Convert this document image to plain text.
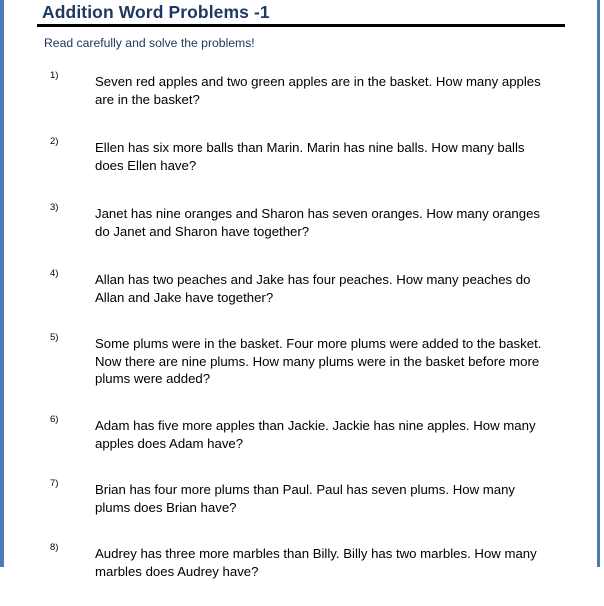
Addition Word Problems -1

Read carefully and solve the problems!

1)	Seven red apples and two green apples are in the basket. How many apples are in the basket?

2)	Ellen has six more balls than Marin. Marin has nine balls. How many balls does Ellen have?

3)	Janet has nine oranges and Sharon has seven oranges. How many oranges do Janet and Sharon have together?

4)	Allan has two peaches and Jake has four peaches. How many peaches do Allan and Jake have together?

5)	Some plums were in the basket. Four more plums were added to the basket. Now there are nine plums. How many plums were in the basket before more plums were added?

6)	Adam has five more apples than Jackie. Jackie has nine apples. How many apples does Adam have?

7)	Brian has four more plums than Paul. Paul has seven plums. How many plums does Brian have?

8)	Audrey has three more marbles than Billy. Billy has two marbles. How many marbles does Audrey have?
